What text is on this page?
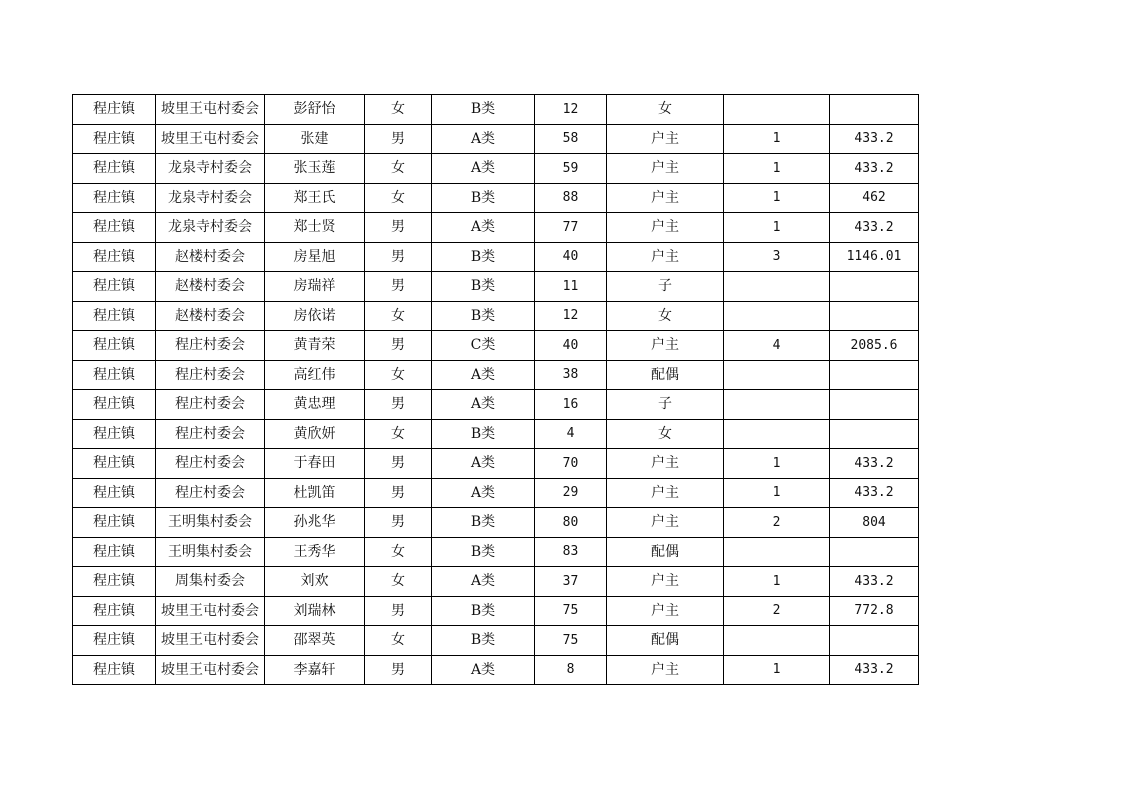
程庄镇	坡里王屯村委会	彭舒怡	女	B类	12	女		
程庄镇	坡里王屯村委会	张建	男	A类	58	户主	1	433.2
程庄镇	龙泉寺村委会	张玉莲	女	A类	59	户主	1	433.2
程庄镇	龙泉寺村委会	郑王氏	女	B类	88	户主	1	462
程庄镇	龙泉寺村委会	郑士贤	男	A类	77	户主	1	433.2
程庄镇	赵楼村委会	房星旭	男	B类	40	户主	3	1146.01
程庄镇	赵楼村委会	房瑞祥	男	B类	11	子		
程庄镇	赵楼村委会	房依诺	女	B类	12	女		
程庄镇	程庄村委会	黄青荣	男	C类	40	户主	4	2085.6
程庄镇	程庄村委会	高红伟	女	A类	38	配偶		
程庄镇	程庄村委会	黄忠理	男	A类	16	子		
程庄镇	程庄村委会	黄欣妍	女	B类	4	女		
程庄镇	程庄村委会	于春田	男	A类	70	户主	1	433.2
程庄镇	程庄村委会	杜凯笛	男	A类	29	户主	1	433.2
程庄镇	王明集村委会	孙兆华	男	B类	80	户主	2	804
程庄镇	王明集村委会	王秀华	女	B类	83	配偶		
程庄镇	周集村委会	刘欢	女	A类	37	户主	1	433.2
程庄镇	坡里王屯村委会	刘瑞林	男	B类	75	户主	2	772.8
程庄镇	坡里王屯村委会	邵翠英	女	B类	75	配偶		
程庄镇	坡里王屯村委会	李嘉轩	男	A类	8	户主	1	433.2
